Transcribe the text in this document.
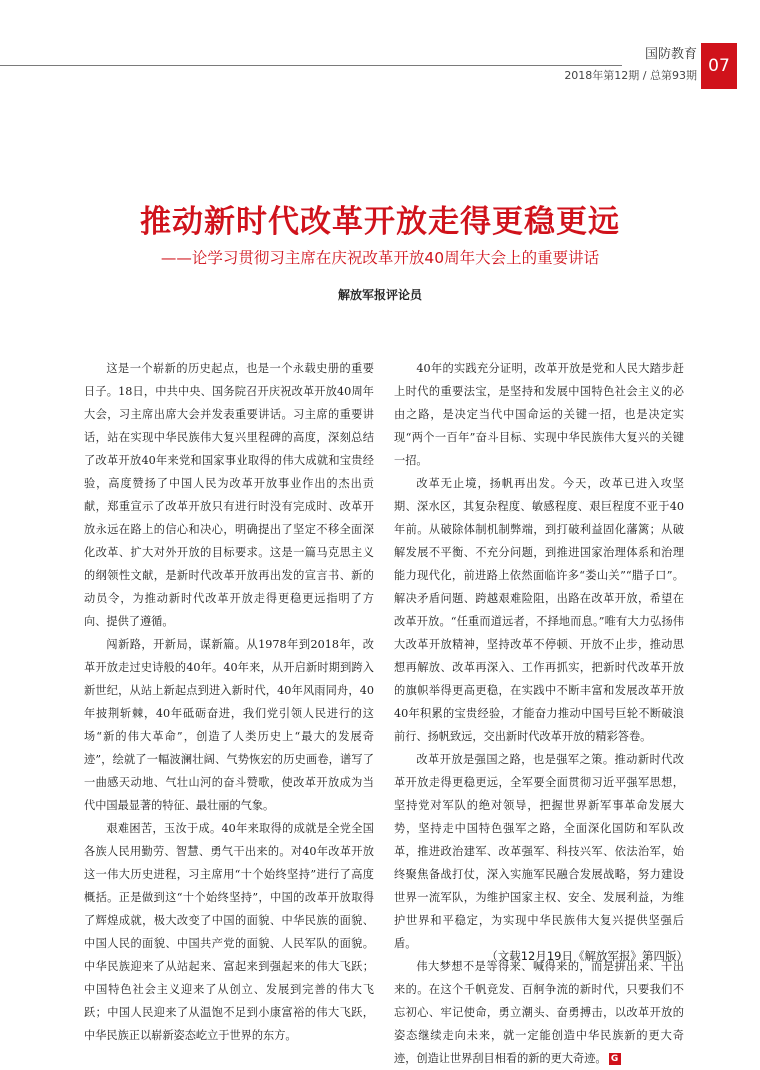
国防教育
2018年第12期 / 总第93期 07
推动新时代改革开放走得更稳更远
——论学习贯彻习主席在庆祝改革开放40周年大会上的重要讲话
解放军报评论员

这是一个崭新的历史起点，也是一个永载史册的重要日子。18日，中共中央、国务院召开庆祝改革开放40周年大会，习主席出席大会并发表重要讲话。习主席的重要讲话，站在实现中华民族伟大复兴里程碑的高度，深刻总结了改革开放40年来党和国家事业取得的伟大成就和宝贵经验，高度赞扬了中国人民为改革开放事业作出的杰出贡献，郑重宣示了改革开放只有进行时没有完成时、改革开放永远在路上的信心和决心，明确提出了坚定不移全面深化改革、扩大对外开放的目标要求。这是一篇马克思主义的纲领性文献，是新时代改革开放再出发的宣言书、新的动员令，为推动新时代改革开放走得更稳更远指明了方向、提供了遵循。

闯新路，开新局，谋新篇。从1978年到2018年，改革开放走过史诗般的40年。40年来，从开启新时期到跨入新世纪，从站上新起点到进入新时代，40年风雨同舟，40年披荆斩棘，40年砥砺奋进，我们党引领人民进行的这场“新的伟大革命”，创造了人类历史上“最大的发展奇迹”，绘就了一幅波澜壮阔、气势恢宏的历史画卷，谱写了一曲感天动地、气壮山河的奋斗赞歌，使改革开放成为当代中国最显著的特征、最壮丽的气象。

艰难困苦，玉汝于成。40年来取得的成就是全党全国各族人民用勤劳、智慧、勇气干出来的。对40年改革开放这一伟大历史进程，习主席用“十个始终坚持”进行了高度概括。正是做到这“十个始终坚持”，中国的改革开放取得了辉煌成就，极大改变了中国的面貌、中华民族的面貌、中国人民的面貌、中国共产党的面貌、人民军队的面貌。中华民族迎来了从站起来、富起来到强起来的伟大飞跃；中国特色社会主义迎来了从创立、发展到完善的伟大飞跃；中国人民迎来了从温饱不足到小康富裕的伟大飞跃，中华民族正以崭新姿态屹立于世界的东方。

40年的实践充分证明，改革开放是党和人民大踏步赶上时代的重要法宝，是坚持和发展中国特色社会主义的必由之路，是决定当代中国命运的关键一招，也是决定实现“两个一百年”奋斗目标、实现中华民族伟大复兴的关键一招。

改革无止境，扬帆再出发。今天，改革已进入攻坚期、深水区，其复杂程度、敏感程度、艰巨程度不亚于40年前。从破除体制机制弊端，到打破利益固化藩篱；从破解发展不平衡、不充分问题，到推进国家治理体系和治理能力现代化，前进路上依然面临许多“娄山关”“腊子口”。解决矛盾问题、跨越艰难险阻，出路在改革开放，希望在改革开放。“任重而道远者，不择地而息。”唯有大力弘扬伟大改革开放精神，坚持改革不停顿、开放不止步，推动思想再解放、改革再深入、工作再抓实，把新时代改革开放的旗帜举得更高更稳，在实践中不断丰富和发展改革开放40年积累的宝贵经验，才能奋力推动中国号巨轮不断破浪前行、扬帆致远，交出新时代改革开放的精彩答卷。

改革开放是强国之路，也是强军之策。推动新时代改革开放走得更稳更远，全军要全面贯彻习近平强军思想，坚持党对军队的绝对领导，把握世界新军事革命发展大势，坚持走中国特色强军之路，全面深化国防和军队改革，推进政治建军、改革强军、科技兴军、依法治军，始终聚焦备战打仗，深入实施军民融合发展战略，努力建设世界一流军队，为维护国家主权、安全、发展利益，为维护世界和平稳定，为实现中华民族伟大复兴提供坚强后盾。

伟大梦想不是等得来、喊得来的，而是拼出来、干出来的。在这个千帆竞发、百舸争流的新时代，只要我们不忘初心、牢记使命，勇立潮头、奋勇搏击，以改革开放的姿态继续走向未来，就一定能创造中华民族新的更大奇迹，创造让世界刮目相看的新的更大奇迹。 G

（文载12月19日《解放军报》第四版）
